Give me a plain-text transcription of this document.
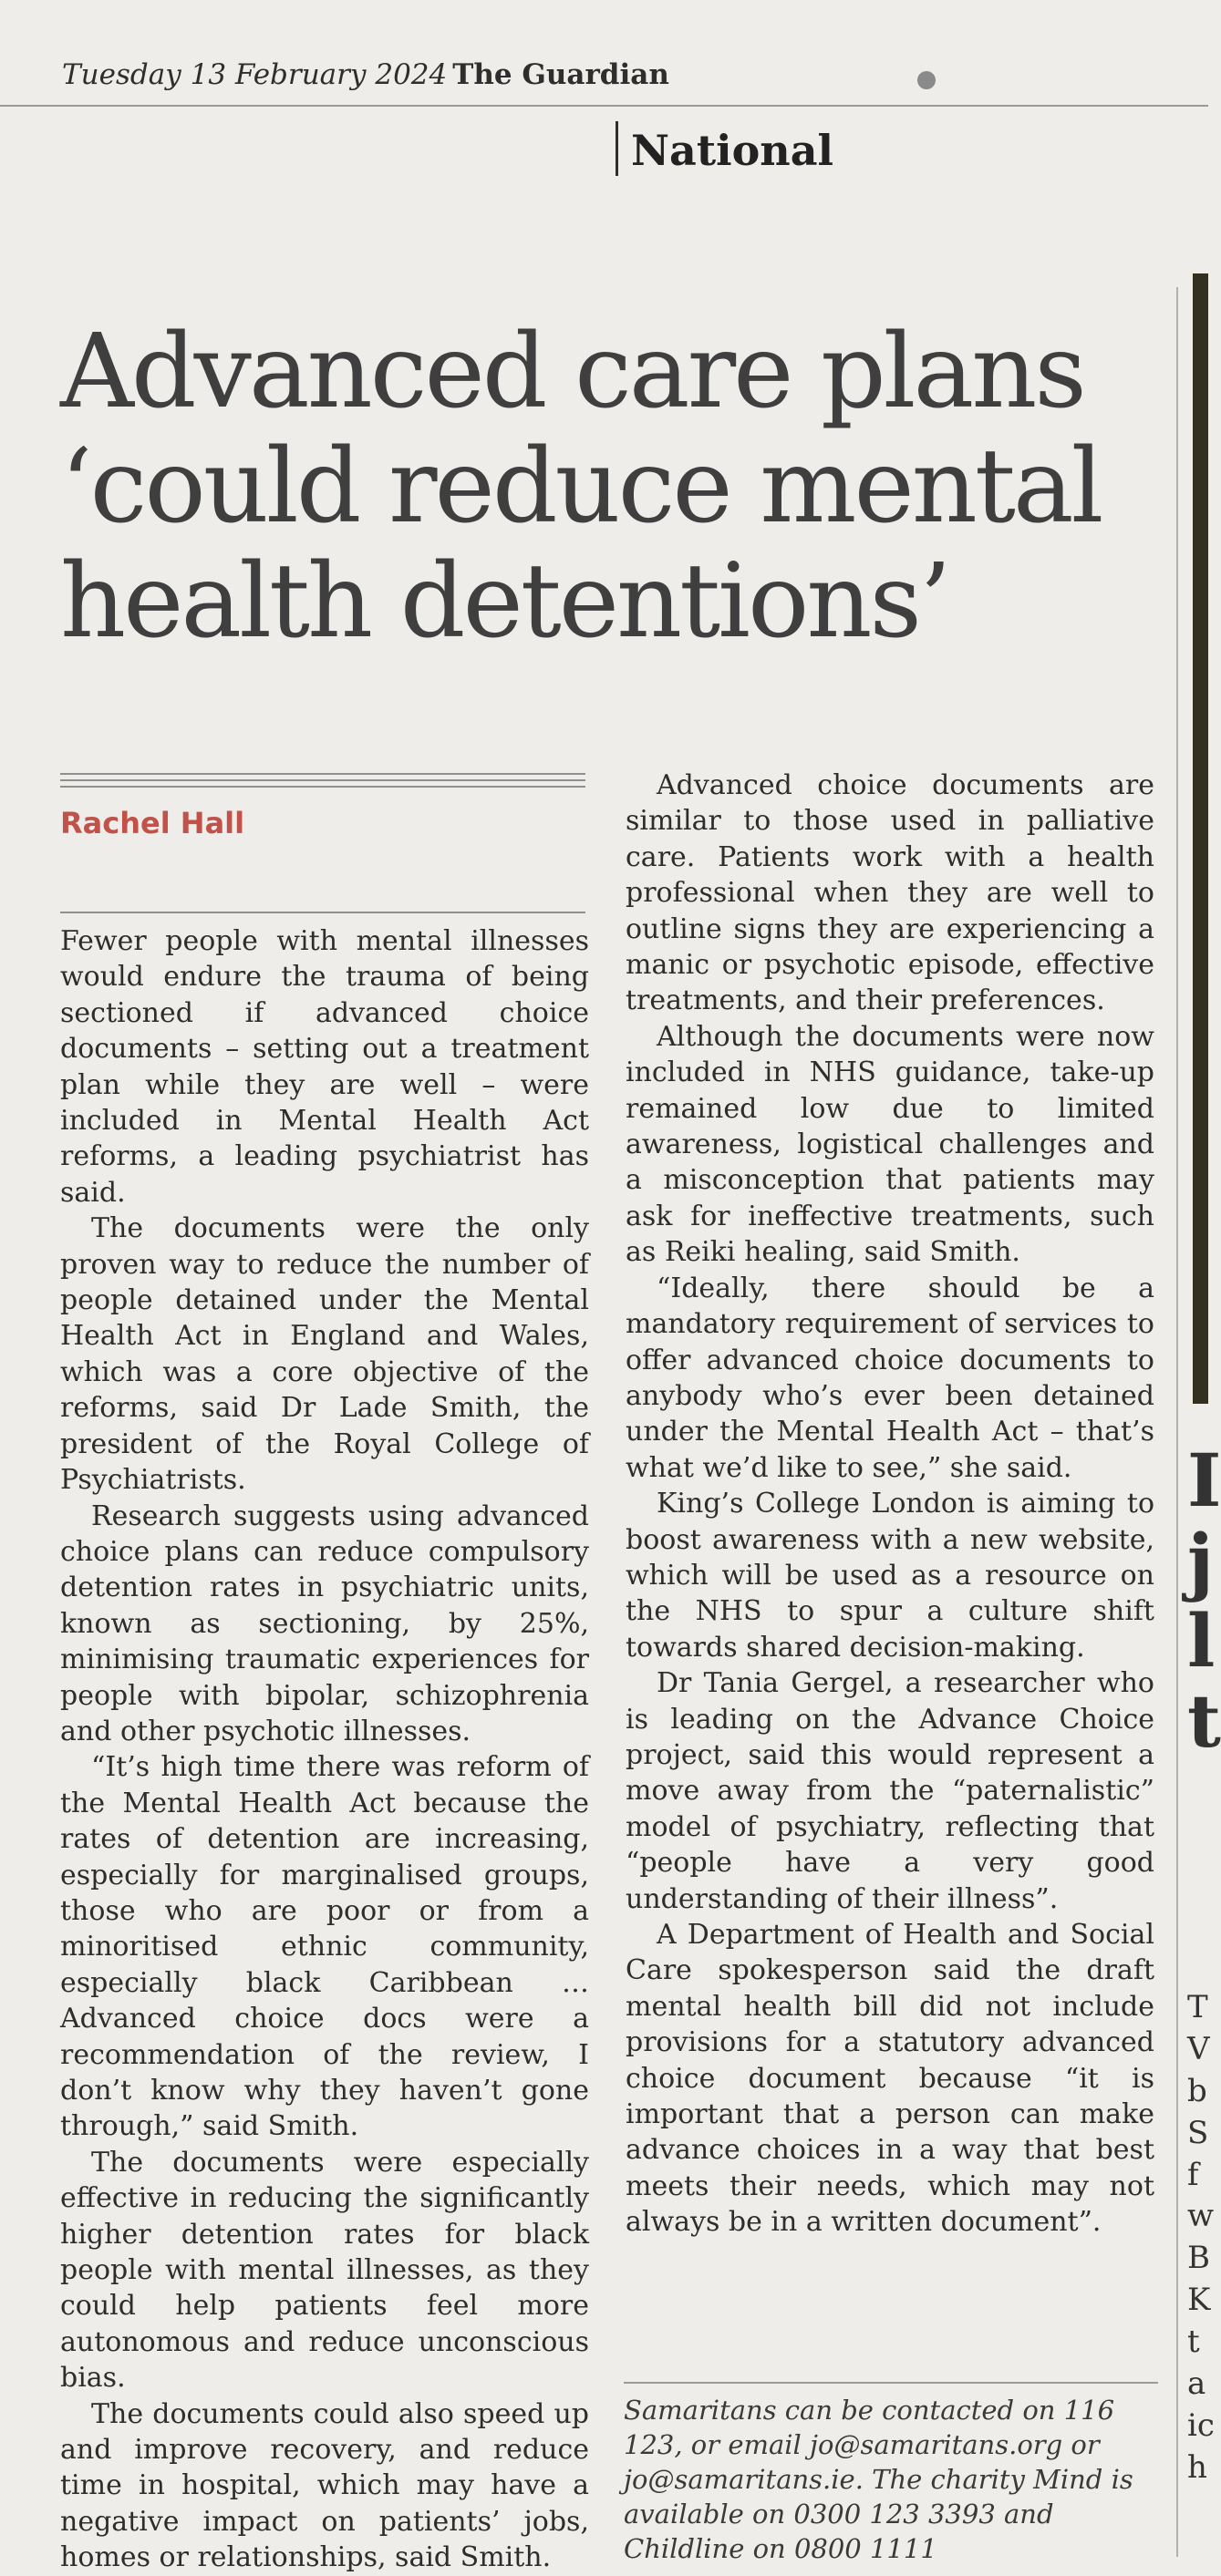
Tuesday 13 February 2024 The Guardian
National
Advanced care plans ‘could reduce mental health detentions’
Rachel Hall

Fewer people with mental illnesses would endure the trauma of being sectioned if advanced choice documents – setting out a treatment plan while they are well – were included in Mental Health Act reforms, a leading psychiatrist has said.

The documents were the only proven way to reduce the number of people detained under the Mental Health Act in England and Wales, which was a core objective of the reforms, said Dr Lade Smith, the president of the Royal College of Psychiatrists.

Research suggests using advanced choice plans can reduce compulsory detention rates in psychiatric units, known as sectioning, by 25%, minimising traumatic experiences for people with bipolar, schizophrenia and other psychotic illnesses.

“It’s high time there was reform of the Mental Health Act because the rates of detention are increasing, especially for marginalised groups, those who are poor or from a minoritised ethnic community, especially black Caribbean … Advanced choice docs were a recommendation of the review, I don’t know why they haven’t gone through,” said Smith.

The documents were especially effective in reducing the significantly higher detention rates for black people with mental illnesses, as they could help patients feel more autonomous and reduce unconscious bias.

The documents could also speed up and improve recovery, and reduce time in hospital, which may have a negative impact on patients’ jobs, homes or relationships, said Smith.

Advanced choice documents are similar to those used in palliative care. Patients work with a health professional when they are well to outline signs they are experiencing a manic or psychotic episode, effective treatments, and their preferences.

Although the documents were now included in NHS guidance, take-up remained low due to limited awareness, logistical challenges and a misconception that patients may ask for ineffective treatments, such as Reiki healing, said Smith.

“Ideally, there should be a mandatory requirement of services to offer advanced choice documents to anybody who’s ever been detained under the Mental Health Act – that’s what we’d like to see,” she said.

King’s College London is aiming to boost awareness with a new website, which will be used as a resource on the NHS to spur a culture shift towards shared decision-making.

Dr Tania Gergel, a researcher who is leading on the Advance Choice project, said this would represent a move away from the “paternalistic” model of psychiatry, reflecting that “people have a very good understanding of their illness”.

A Department of Health and Social Care spokesperson said the draft mental health bill did not include provisions for a statutory advanced choice document because “it is important that a person can make advance choices in a way that best meets their needs, which may not always be in a written document”.

Samaritans can be contacted on 116 123, or email jo@samaritans.org or jo@samaritans.ie. The charity Mind is available on 0300 123 3393 and Childline on 0800 1111
I j l t
T V b S f w B K t a ic h
